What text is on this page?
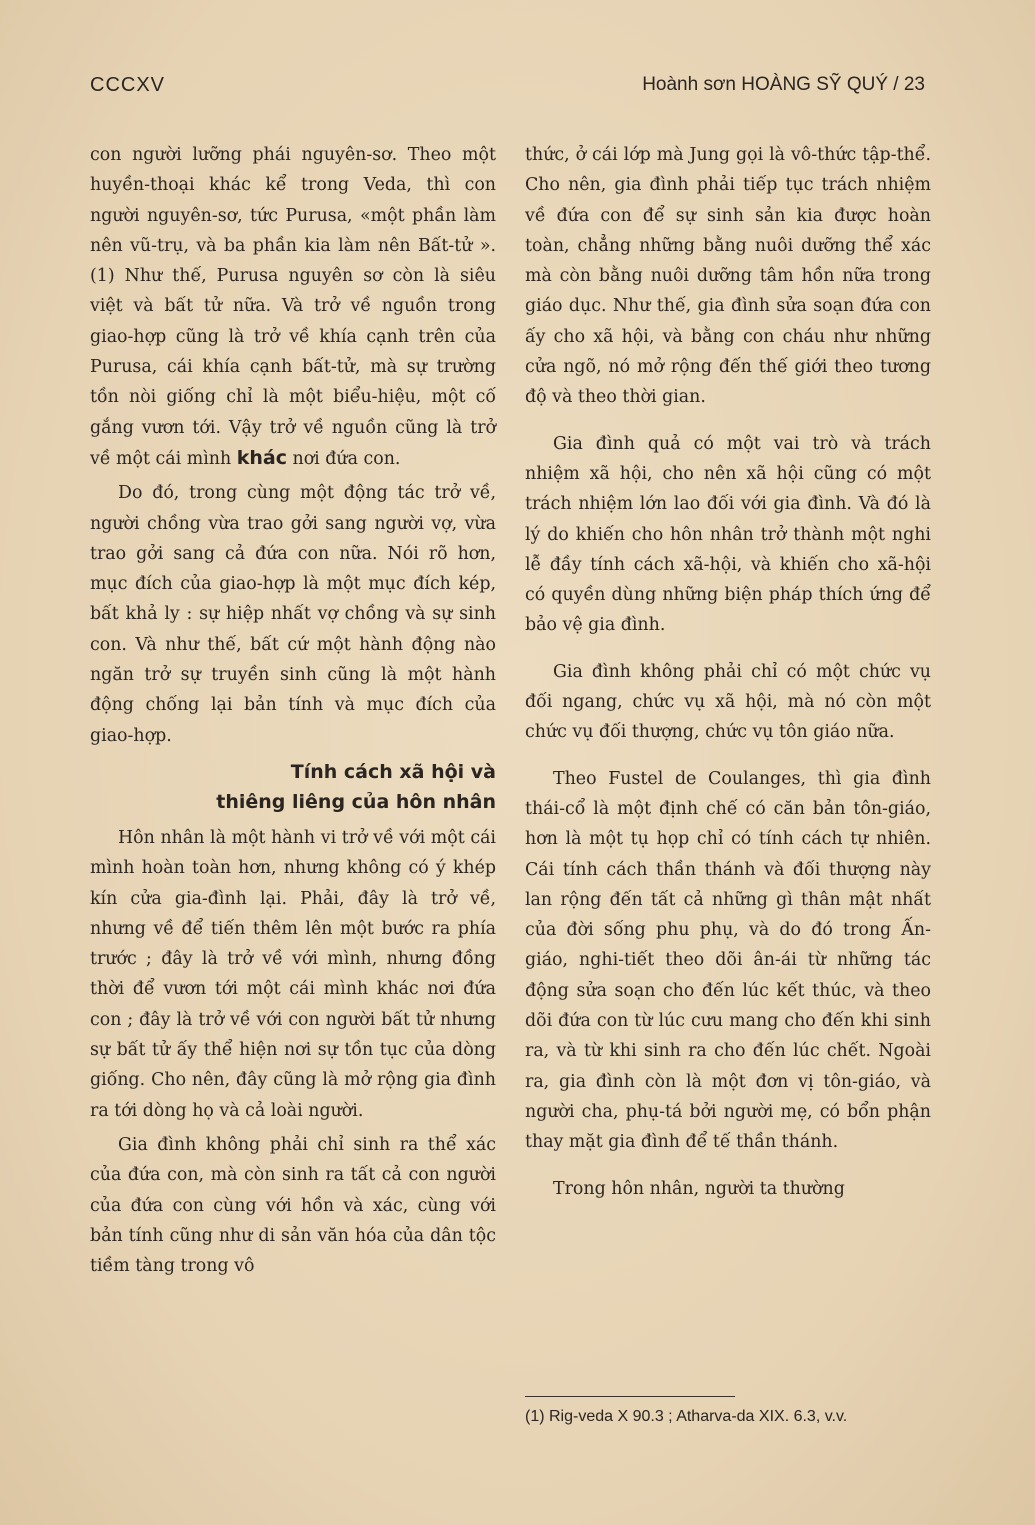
CCCXV	Hoành sơn HOÀNG SỸ QUÝ / 23

con người lưỡng phái nguyên-sơ. Theo một huyền-thoại khác kể trong Veda, thì con người nguyên-sơ, tức Purusa, «một phần làm nên vũ-trụ, và ba phần kia làm nên Bất-tử ». (1) Như thế, Purusa nguyên sơ còn là siêu việt và bất tử nữa. Và trở về nguồn trong giao-hợp cũng là trở về khía cạnh trên của Purusa, cái khía cạnh bất-tử, mà sự trường tồn nòi giống chỉ là một biểu-hiệu, một cố gắng vươn tới. Vậy trở về nguồn cũng là trở về một cái mình khác nơi đứa con.

Do đó, trong cùng một động tác trở về, người chồng vừa trao gởi sang người vợ, vừa trao gởi sang cả đứa con nữa. Nói rõ hơn, mục đích của giao-hợp là một mục đích kép, bất khả ly : sự hiệp nhất vợ chồng và sự sinh con. Và như thế, bất cứ một hành động nào ngăn trở sự truyền sinh cũng là một hành động chống lại bản tính và mục đích của giao-hợp.

Tính cách xã hội và
thiêng liêng của hôn nhân

Hôn nhân là một hành vi trở về với một cái mình hoàn toàn hơn, nhưng không có ý khép kín cửa gia-đình lại. Phải, đây là trở về, nhưng về để tiến thêm lên một bước ra phía trước ; đây là trở về với mình, nhưng đồng thời để vươn tới một cái mình khác nơi đứa con ; đây là trở về với con người bất tử nhưng sự bất tử ấy thể hiện nơi sự tồn tục của dòng giống. Cho nên, đây cũng là mở rộng gia đình ra tới dòng họ và cả loài người.

Gia đình không phải chỉ sinh ra thể xác của đứa con, mà còn sinh ra tất cả con người của đứa con cùng với hồn và xác, cùng với bản tính cũng như di sản văn hóa của dân tộc tiềm tàng trong vô

thức, ở cái lớp mà Jung gọi là vô-thức tập-thể. Cho nên, gia đình phải tiếp tục trách nhiệm về đứa con để sự sinh sản kia được hoàn toàn, chẳng những bằng nuôi dưỡng thể xác mà còn bằng nuôi dưỡng tâm hồn nữa trong giáo dục. Như thế, gia đình sửa soạn đứa con ấy cho xã hội, và bằng con cháu như những cửa ngõ, nó mở rộng đến thế giới theo tương độ và theo thời gian.

Gia đình quả có một vai trò và trách nhiệm xã hội, cho nên xã hội cũng có một trách nhiệm lớn lao đối với gia đình. Và đó là lý do khiến cho hôn nhân trở thành một nghi lễ đầy tính cách xã-hội, và khiến cho xã-hội có quyền dùng những biện pháp thích ứng để bảo vệ gia đình.

Gia đình không phải chỉ có một chức vụ đối ngang, chức vụ xã hội, mà nó còn một chức vụ đối thượng, chức vụ tôn giáo nữa.

Theo Fustel de Coulanges, thì gia đình thái-cổ là một định chế có căn bản tôn-giáo, hơn là một tụ họp chỉ có tính cách tự nhiên. Cái tính cách thần thánh và đối thượng này lan rộng đến tất cả những gì thân mật nhất của đời sống phu phụ, và do đó trong Ấn-giáo, nghi-tiết theo dõi ân-ái từ những tác động sửa soạn cho đến lúc kết thúc, và theo dõi đứa con từ lúc cưu mang cho đến khi sinh ra, và từ khi sinh ra cho đến lúc chết. Ngoài ra, gia đình còn là một đơn vị tôn-giáo, và người cha, phụ-tá bởi người mẹ, có bổn phận thay mặt gia đình để tế thần thánh.

Trong hôn nhân, người ta thường

(1) Rig-veda X 90.3 ; Atharva-da XIX. 6.3, v.v.
